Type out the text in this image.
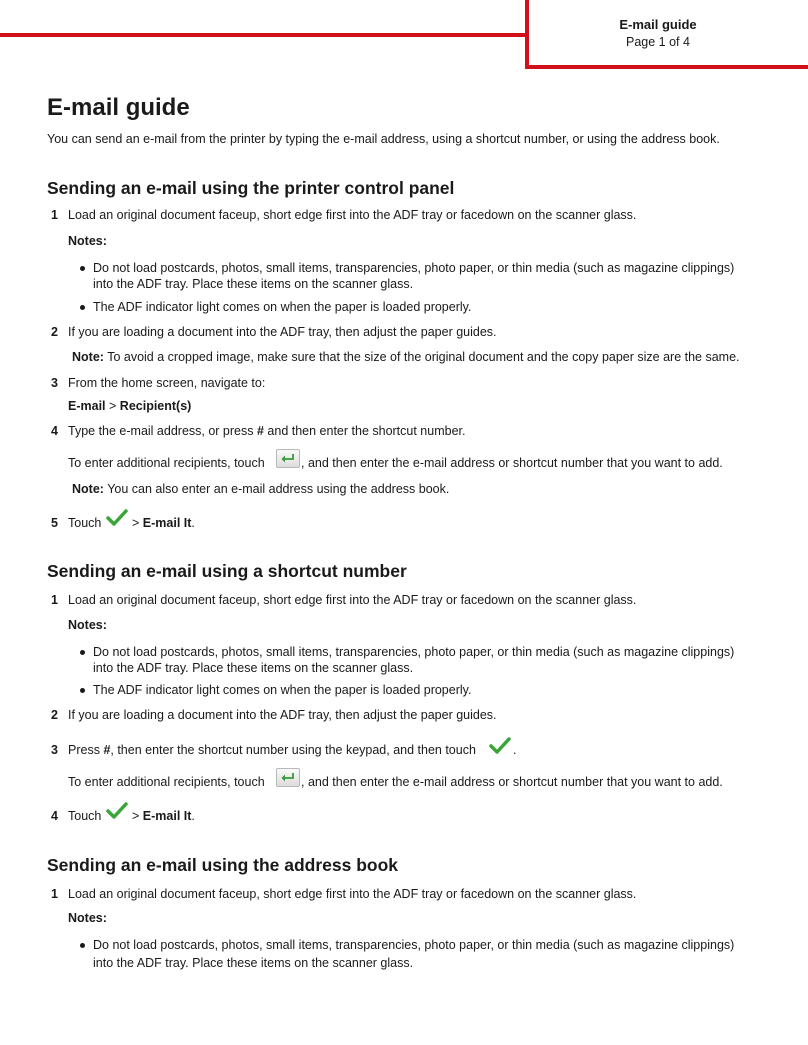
E-mail guide
Page 1 of 4
E-mail guide
You can send an e-mail from the printer by typing the e-mail address, using a shortcut number, or using the address book.
Sending an e-mail using the printer control panel
1 Load an original document faceup, short edge first into the ADF tray or facedown on the scanner glass.
Notes:
Do not load postcards, photos, small items, transparencies, photo paper, or thin media (such as magazine clippings)
into the ADF tray. Place these items on the scanner glass.
The ADF indicator light comes on when the paper is loaded properly.
2 If you are loading a document into the ADF tray, then adjust the paper guides.
Note: To avoid a cropped image, make sure that the size of the original document and the copy paper size are the same.
3 From the home screen, navigate to:
E-mail > Recipient(s)
4 Type the e-mail address, or press # and then enter the shortcut number.
To enter additional recipients, touch	, and then enter the e-mail address or shortcut number that you want to add.
Note: You can also enter an e-mail address using the address book.
5 Touch > E-mail It.
Sending an e-mail using a shortcut number
1 Load an original document faceup, short edge first into the ADF tray or facedown on the scanner glass.
Notes:
Do not load postcards, photos, small items, transparencies, photo paper, or thin media (such as magazine clippings)
into the ADF tray. Place these items on the scanner glass.
The ADF indicator light comes on when the paper is loaded properly.
2 If you are loading a document into the ADF tray, then adjust the paper guides.
3 Press #, then enter the shortcut number using the keypad, and then touch	.
To enter additional recipients, touch	, and then enter the e-mail address or shortcut number that you want to add.
4 Touch > E-mail It.
Sending an e-mail using the address book
1 Load an original document faceup, short edge first into the ADF tray or facedown on the scanner glass.
Notes:
Do not load postcards, photos, small items, transparencies, photo paper, or thin media (such as magazine clippings)
into the ADF tray. Place these items on the scanner glass.
